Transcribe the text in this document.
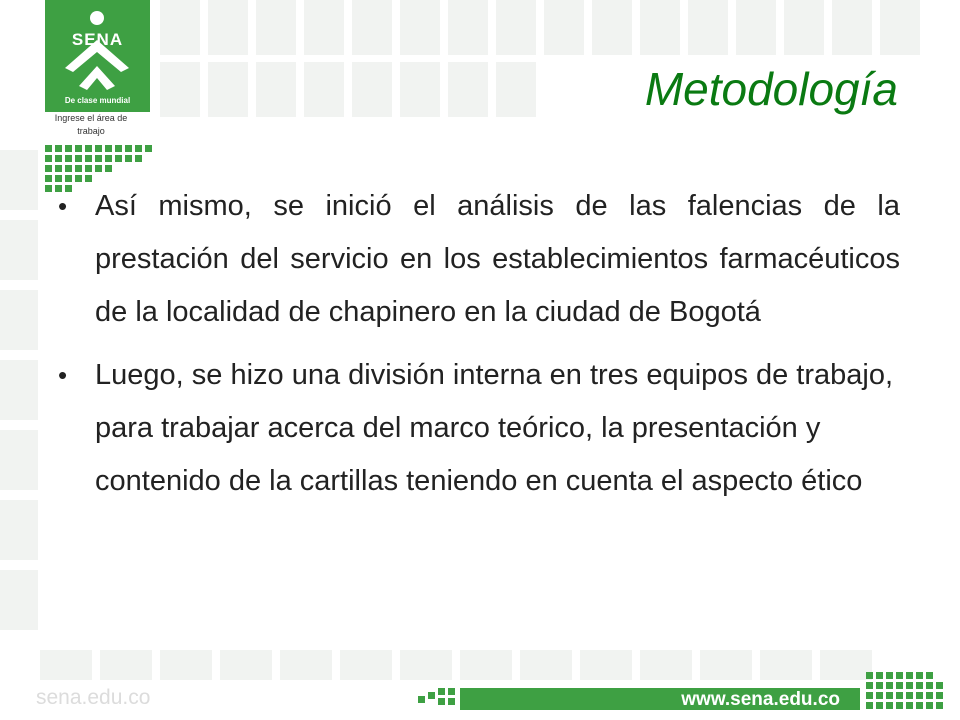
SENA
De clase mundial
Ingrese el área de trabajo
Metodología

• Así mismo, se inició el análisis de las falencias de la prestación del servicio en los establecimientos farmacéuticos de la localidad de chapinero en la ciudad de Bogotá

• Luego, se hizo una división interna en tres equipos de trabajo, para trabajar acerca del marco teórico, la presentación y contenido de la cartillas teniendo en cuenta el aspecto ético

sena.edu.co	www.sena.edu.co
